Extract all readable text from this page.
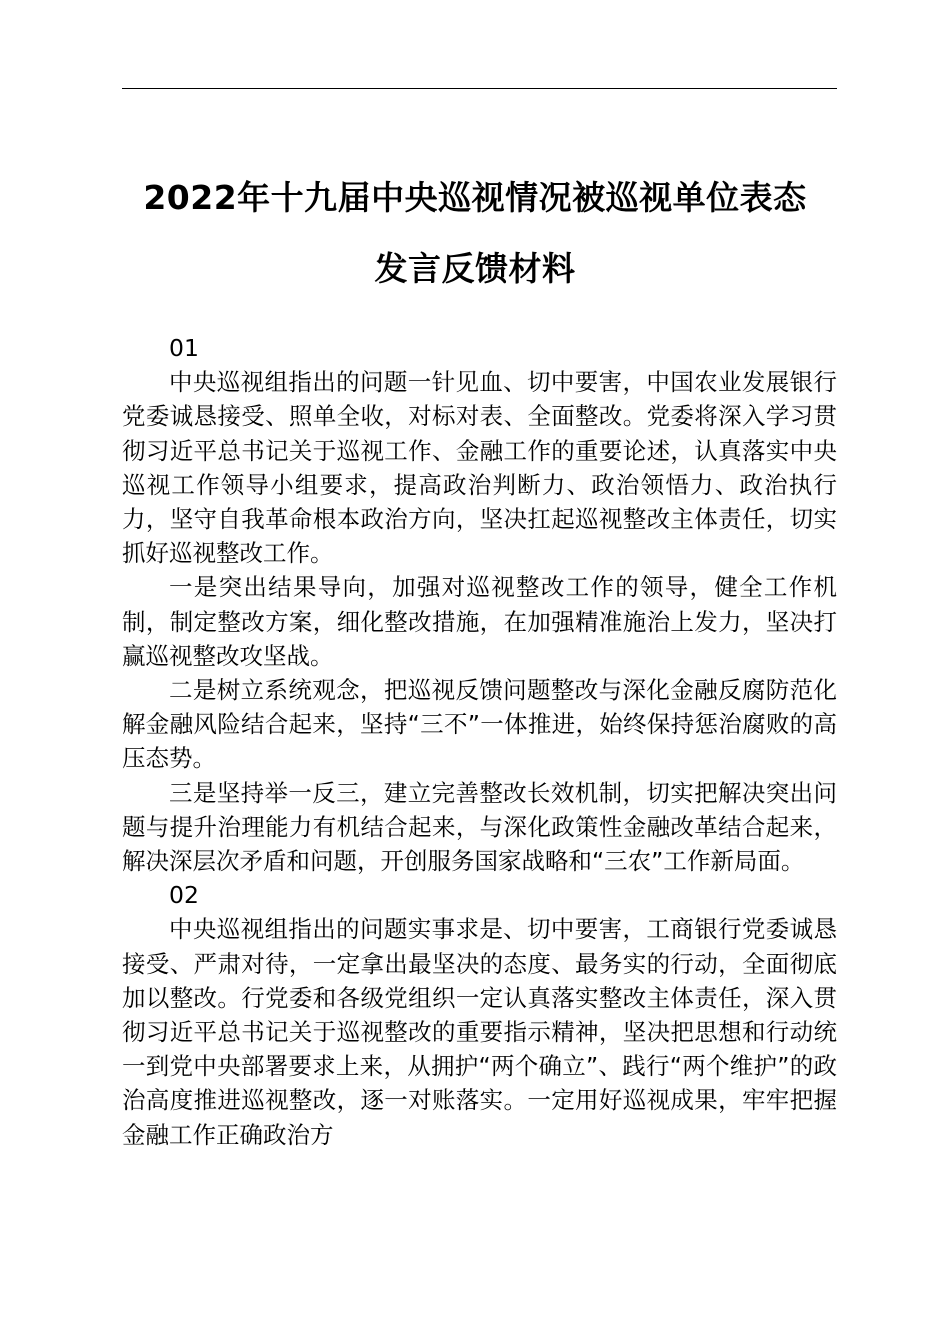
2022年十九届中央巡视情况被巡视单位表态
发言反馈材料

01

中央巡视组指出的问题一针见血、切中要害，中国农业发展银行党委诚恳接受、照单全收，对标对表、全面整改。党委将深入学习贯彻习近平总书记关于巡视工作、金融工作的重要论述，认真落实中央巡视工作领导小组要求，提高政治判断力、政治领悟力、政治执行力，坚守自我革命根本政治方向，坚决扛起巡视整改主体责任，切实抓好巡视整改工作。

一是突出结果导向，加强对巡视整改工作的领导，健全工作机制，制定整改方案，细化整改措施，在加强精准施治上发力，坚决打赢巡视整改攻坚战。

二是树立系统观念，把巡视反馈问题整改与深化金融反腐防范化解金融风险结合起来，坚持“三不”一体推进，始终保持惩治腐败的高压态势。

三是坚持举一反三，建立完善整改长效机制，切实把解决突出问题与提升治理能力有机结合起来，与深化政策性金融改革结合起来，解决深层次矛盾和问题，开创服务国家战略和“三农”工作新局面。

02

中央巡视组指出的问题实事求是、切中要害，工商银行党委诚恳接受、严肃对待，一定拿出最坚决的态度、最务实的行动，全面彻底加以整改。行党委和各级党组织一定认真落实整改主体责任，深入贯彻习近平总书记关于巡视整改的重要指示精神，坚决把思想和行动统一到党中央部署要求上来，从拥护“两个确立”、践行“两个维护”的政治高度推进巡视整改，逐一对账落实。一定用好巡视成果，牢牢把握金融工作正确政治方
